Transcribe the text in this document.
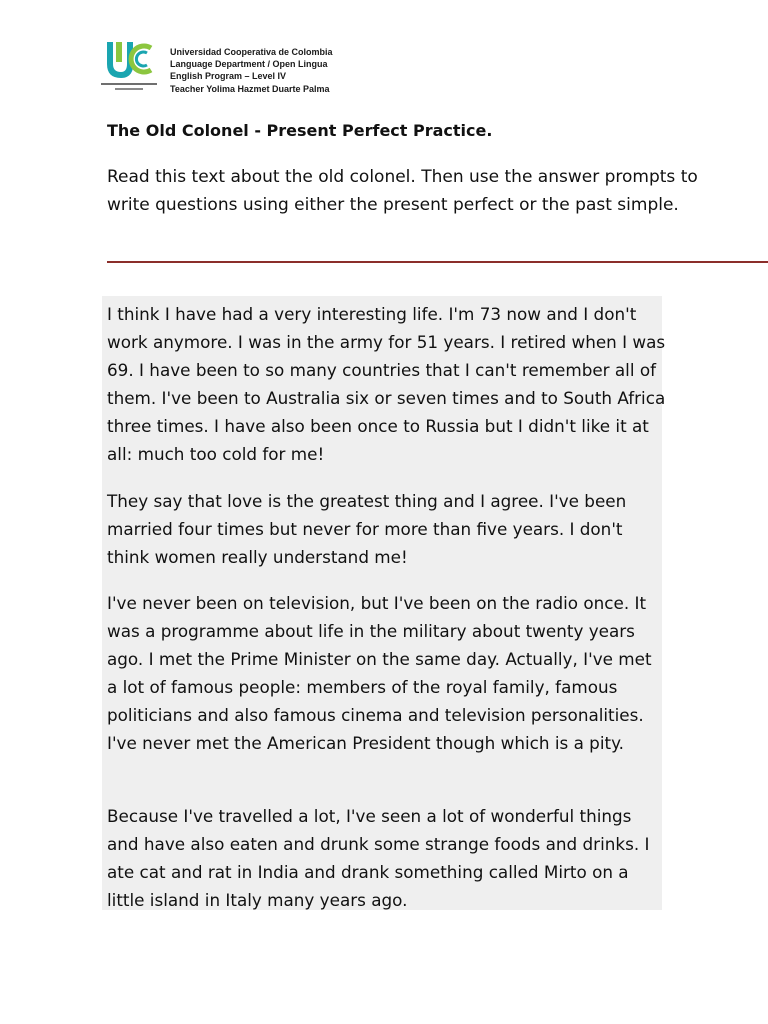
Universidad Cooperativa de Colombia
Language Department / Open Lingua
English Program – Level IV
Teacher Yolima Hazmet Duarte Palma
The Old Colonel - Present Perfect Practice.

Read this text about the old colonel. Then use the answer prompts to write questions using either the present perfect or the past simple.

I think I have had a very interesting life. I'm 73 now and I don't work anymore. I was in the army for 51 years. I retired when I was 69. I have been to so many countries that I can't remember all of them. I've been to Australia six or seven times and to South Africa three times. I have also been once to Russia but I didn't like it at all: much too cold for me!

They say that love is the greatest thing and I agree. I've been married four times but never for more than five years. I don't think women really understand me!

I've never been on television, but I've been on the radio once. It was a programme about life in the military about twenty years ago. I met the Prime Minister on the same day. Actually, I've met a lot of famous people: members of the royal family, famous politicians and also famous cinema and television personalities. I've never met the American President though which is a pity.

Because I've travelled a lot, I've seen a lot of wonderful things and have also eaten and drunk some strange foods and drinks. I ate cat and rat in India and drank something called Mirto on a little island in Italy many years ago.
